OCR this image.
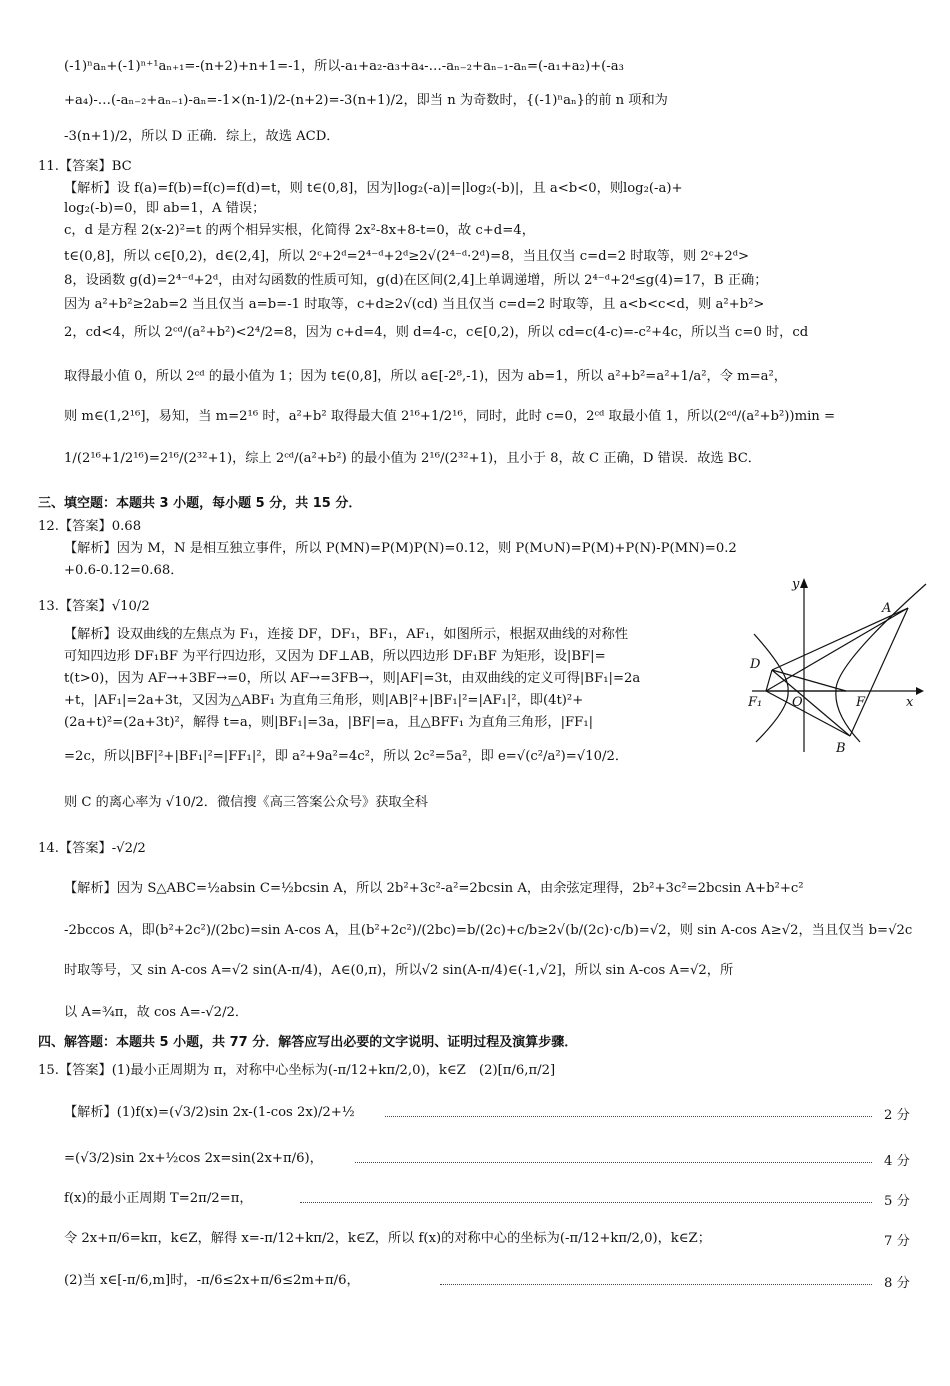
(-1)ⁿaₙ+(-1)ⁿ⁺¹aₙ₊₁=-(n+2)+n+1=-1，所以-a₁+a₂-a₃+a₄-…-aₙ₋₂+aₙ₋₁-aₙ=(-a₁+a₂)+(-a₃
+a₄)-…(-aₙ₋₂+aₙ₋₁)-aₙ=-1×(n-1)/2-(n+2)=-3(n+1)/2，即当 n 为奇数时，{(-1)ⁿaₙ}的前 n 项和为
-3(n+1)/2，所以 D 正确．综上，故选 ACD．
11.【答案】BC
【解析】设 f(a)=f(b)=f(c)=f(d)=t，则 t∈(0,8]，因为|log₂(-a)|=|log₂(-b)|，且 a<b<0，则log₂(-a)+
log₂(-b)=0，即 ab=1，A 错误；
c，d 是方程 2(x-2)²=t 的两个相异实根，化简得 2x²-8x+8-t=0，故 c+d=4，
t∈(0,8]，所以 c∈[0,2)，d∈(2,4]，所以 2ᶜ+2ᵈ=2⁴⁻ᵈ+2ᵈ≥2√(2⁴⁻ᵈ·2ᵈ)=8，当且仅当 c=d=2 时取等，则 2ᶜ+2ᵈ>
8，设函数 g(d)=2⁴⁻ᵈ+2ᵈ，由对勾函数的性质可知，g(d)在区间(2,4]上单调递增，所以 2⁴⁻ᵈ+2ᵈ≤g(4)=17，B 正确；
因为 a²+b²≥2ab=2 当且仅当 a=b=-1 时取等，c+d≥2√(cd) 当且仅当 c=d=2 时取等，且 a<b<c<d，则 a²+b²>
2，cd<4，所以 2ᶜᵈ/(a²+b²)<2⁴/2=8，因为 c+d=4，则 d=4-c，c∈[0,2)，所以 cd=c(4-c)=-c²+4c，所以当 c=0 时，cd
取得最小值 0，所以 2ᶜᵈ 的最小值为 1；因为 t∈(0,8]，所以 a∈[-2⁸,-1)，因为 ab=1，所以 a²+b²=a²+1/a²，令 m=a²，
则 m∈(1,2¹⁶]，易知，当 m=2¹⁶ 时，a²+b² 取得最大值 2¹⁶+1/2¹⁶，同时，此时 c=0，2ᶜᵈ 取最小值 1，所以(2ᶜᵈ/(a²+b²))min =
1/(2¹⁶+1/2¹⁶)=2¹⁶/(2³²+1)，综上 2ᶜᵈ/(a²+b²) 的最小值为 2¹⁶/(2³²+1)，且小于 8，故 C 正确，D 错误．故选 BC．
三、填空题：本题共 3 小题，每小题 5 分，共 15 分．
12.【答案】0.68
【解析】因为 M，N 是相互独立事件，所以 P(MN)=P(M)P(N)=0.12，则 P(M∪N)=P(M)+P(N)-P(MN)=0.2
+0.6-0.12=0.68．
13.【答案】√10/2
【解析】设双曲线的左焦点为 F₁，连接 DF，DF₁，BF₁，AF₁，如图所示，根据双曲线的对称性
可知四边形 DF₁BF 为平行四边形，又因为 DF⊥AB，所以四边形 DF₁BF 为矩形，设|BF|=
t(t>0)，因为 AF→+3BF→=0，所以 AF→=3FB→，则|AF|=3t，由双曲线的定义可得|BF₁|=2a
+t，|AF₁|=2a+3t，又因为△ABF₁ 为直角三角形，则|AB|²+|BF₁|²=|AF₁|²，即(4t)²+
(2a+t)²=(2a+3t)²，解得 t=a，则|BF₁|=3a，|BF|=a，且△BFF₁ 为直角三角形，|FF₁|
=2c，所以|BF|²+|BF₁|²=|FF₁|²，即 a²+9a²=4c²，所以 2c²=5a²，即 e=√(c²/a²)=√10/2．
则 C 的离心率为 √10/2．微信搜《高三答案公众号》获取全科
14.【答案】-√2/2
【解析】因为 S△ABC=½absin C=½bcsin A，所以 2b²+3c²-a²=2bcsin A，由余弦定理得，2b²+3c²=2bcsin A+b²+c²
-2bccos A，即(b²+2c²)/(2bc)=sin A-cos A，且(b²+2c²)/(2bc)=b/(2c)+c/b≥2√(b/(2c)·c/b)=√2，则 sin A-cos A≥√2，当且仅当 b=√2c
时取等号，又 sin A-cos A=√2 sin(A-π/4)，A∈(0,π)，所以√2 sin(A-π/4)∈(-1,√2]，所以 sin A-cos A=√2，所
以 A=¾π，故 cos A=-√2/2．
四、解答题：本题共 5 小题，共 77 分．解答应写出必要的文字说明、证明过程及演算步骤．
15.【答案】(1)最小正周期为 π，对称中心坐标为(-π/12+kπ/2,0)，k∈Z　(2)[π/6,π/2]
【解析】(1)f(x)=(√3/2)sin 2x-(1-cos 2x)/2+½	2 分
=(√3/2)sin 2x+½cos 2x=sin(2x+π/6)，	4 分
f(x)的最小正周期 T=2π/2=π，	5 分
令 2x+π/6=kπ，k∈Z，解得 x=-π/12+kπ/2，k∈Z，所以 f(x)的对称中心的坐标为(-π/12+kπ/2,0)，k∈Z；	7 分
(2)当 x∈[-π/6,m]时，-π/6≤2x+π/6≤2m+π/6，	8 分
y
x
A
D
F₁ O	F
B
